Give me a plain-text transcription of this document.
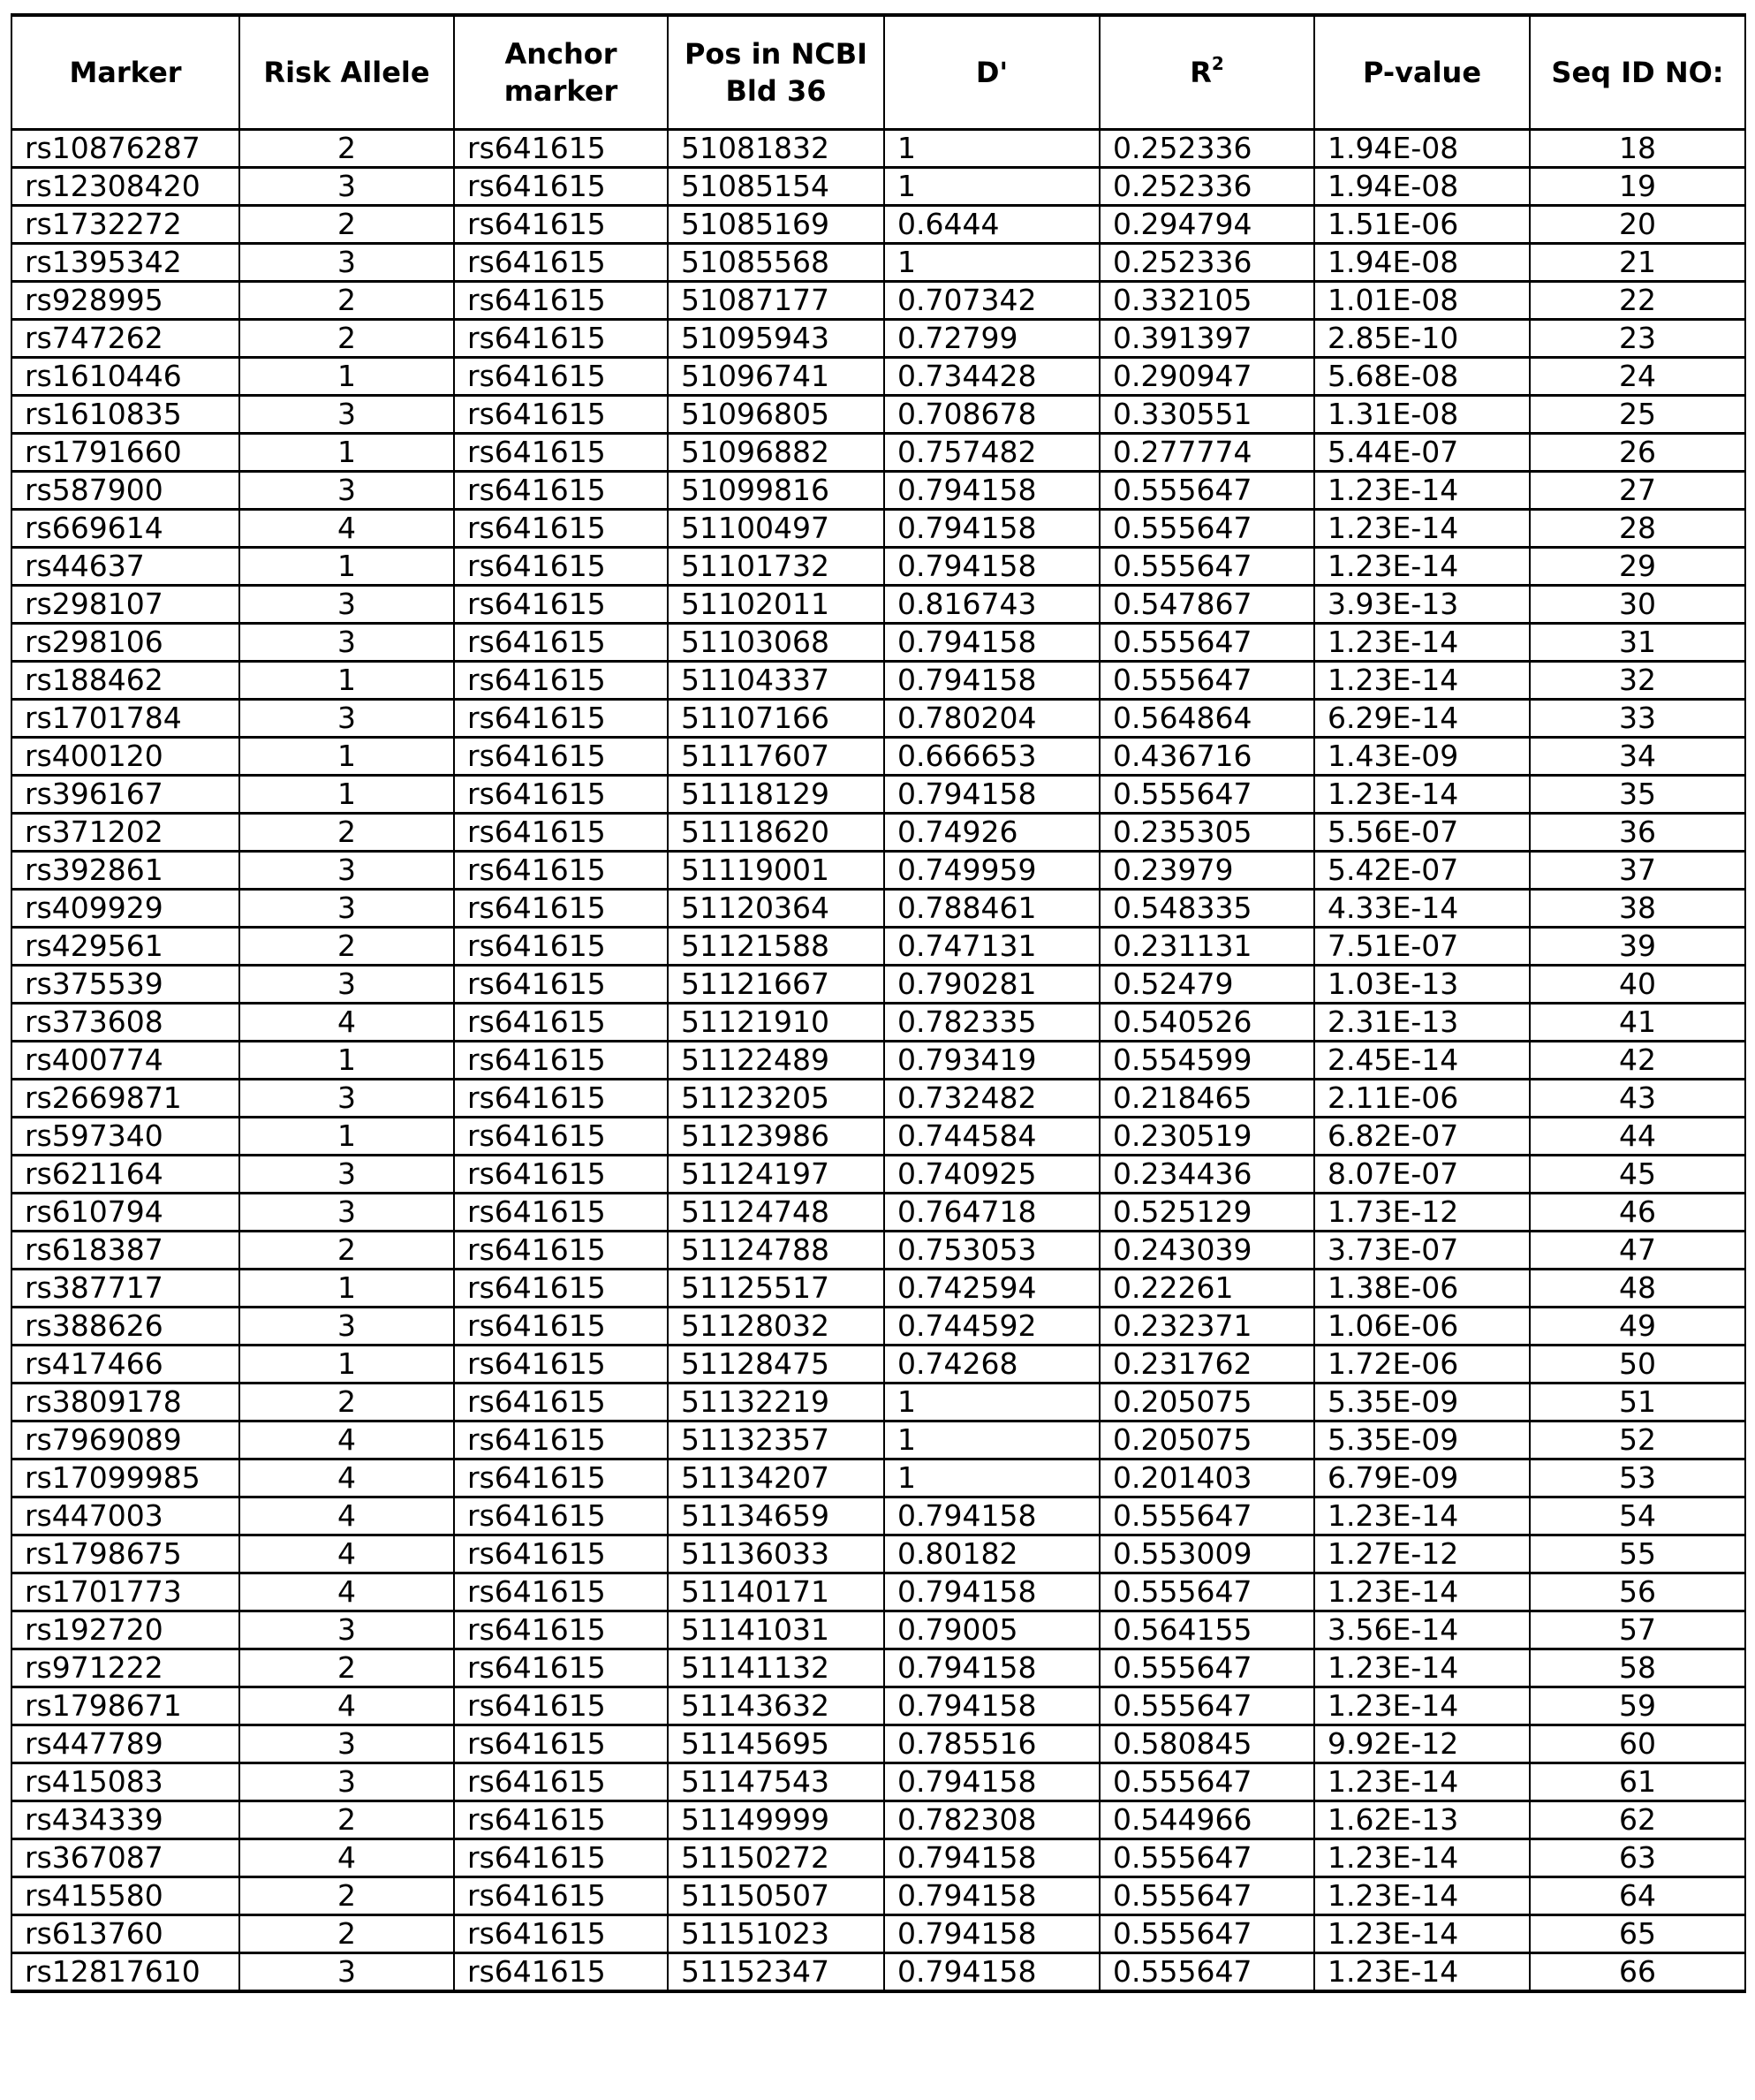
Marker	Risk Allele	Anchor marker	Pos in NCBI Bld 36	D'	R2	P-value	Seq ID NO:
rs10876287	2	rs641615	51081832	1	0.252336	1.94E-08	18
rs12308420	3	rs641615	51085154	1	0.252336	1.94E-08	19
rs1732272	2	rs641615	51085169	0.6444	0.294794	1.51E-06	20
rs1395342	3	rs641615	51085568	1	0.252336	1.94E-08	21
rs928995	2	rs641615	51087177	0.707342	0.332105	1.01E-08	22
rs747262	2	rs641615	51095943	0.72799	0.391397	2.85E-10	23
rs1610446	1	rs641615	51096741	0.734428	0.290947	5.68E-08	24
rs1610835	3	rs641615	51096805	0.708678	0.330551	1.31E-08	25
rs1791660	1	rs641615	51096882	0.757482	0.277774	5.44E-07	26
rs587900	3	rs641615	51099816	0.794158	0.555647	1.23E-14	27
rs669614	4	rs641615	51100497	0.794158	0.555647	1.23E-14	28
rs44637	1	rs641615	51101732	0.794158	0.555647	1.23E-14	29
rs298107	3	rs641615	51102011	0.816743	0.547867	3.93E-13	30
rs298106	3	rs641615	51103068	0.794158	0.555647	1.23E-14	31
rs188462	1	rs641615	51104337	0.794158	0.555647	1.23E-14	32
rs1701784	3	rs641615	51107166	0.780204	0.564864	6.29E-14	33
rs400120	1	rs641615	51117607	0.666653	0.436716	1.43E-09	34
rs396167	1	rs641615	51118129	0.794158	0.555647	1.23E-14	35
rs371202	2	rs641615	51118620	0.74926	0.235305	5.56E-07	36
rs392861	3	rs641615	51119001	0.749959	0.23979	5.42E-07	37
rs409929	3	rs641615	51120364	0.788461	0.548335	4.33E-14	38
rs429561	2	rs641615	51121588	0.747131	0.231131	7.51E-07	39
rs375539	3	rs641615	51121667	0.790281	0.52479	1.03E-13	40
rs373608	4	rs641615	51121910	0.782335	0.540526	2.31E-13	41
rs400774	1	rs641615	51122489	0.793419	0.554599	2.45E-14	42
rs2669871	3	rs641615	51123205	0.732482	0.218465	2.11E-06	43
rs597340	1	rs641615	51123986	0.744584	0.230519	6.82E-07	44
rs621164	3	rs641615	51124197	0.740925	0.234436	8.07E-07	45
rs610794	3	rs641615	51124748	0.764718	0.525129	1.73E-12	46
rs618387	2	rs641615	51124788	0.753053	0.243039	3.73E-07	47
rs387717	1	rs641615	51125517	0.742594	0.22261	1.38E-06	48
rs388626	3	rs641615	51128032	0.744592	0.232371	1.06E-06	49
rs417466	1	rs641615	51128475	0.74268	0.231762	1.72E-06	50
rs3809178	2	rs641615	51132219	1	0.205075	5.35E-09	51
rs7969089	4	rs641615	51132357	1	0.205075	5.35E-09	52
rs17099985	4	rs641615	51134207	1	0.201403	6.79E-09	53
rs447003	4	rs641615	51134659	0.794158	0.555647	1.23E-14	54
rs1798675	4	rs641615	51136033	0.80182	0.553009	1.27E-12	55
rs1701773	4	rs641615	51140171	0.794158	0.555647	1.23E-14	56
rs192720	3	rs641615	51141031	0.79005	0.564155	3.56E-14	57
rs971222	2	rs641615	51141132	0.794158	0.555647	1.23E-14	58
rs1798671	4	rs641615	51143632	0.794158	0.555647	1.23E-14	59
rs447789	3	rs641615	51145695	0.785516	0.580845	9.92E-12	60
rs415083	3	rs641615	51147543	0.794158	0.555647	1.23E-14	61
rs434339	2	rs641615	51149999	0.782308	0.544966	1.62E-13	62
rs367087	4	rs641615	51150272	0.794158	0.555647	1.23E-14	63
rs415580	2	rs641615	51150507	0.794158	0.555647	1.23E-14	64
rs613760	2	rs641615	51151023	0.794158	0.555647	1.23E-14	65
rs12817610	3	rs641615	51152347	0.794158	0.555647	1.23E-14	66
